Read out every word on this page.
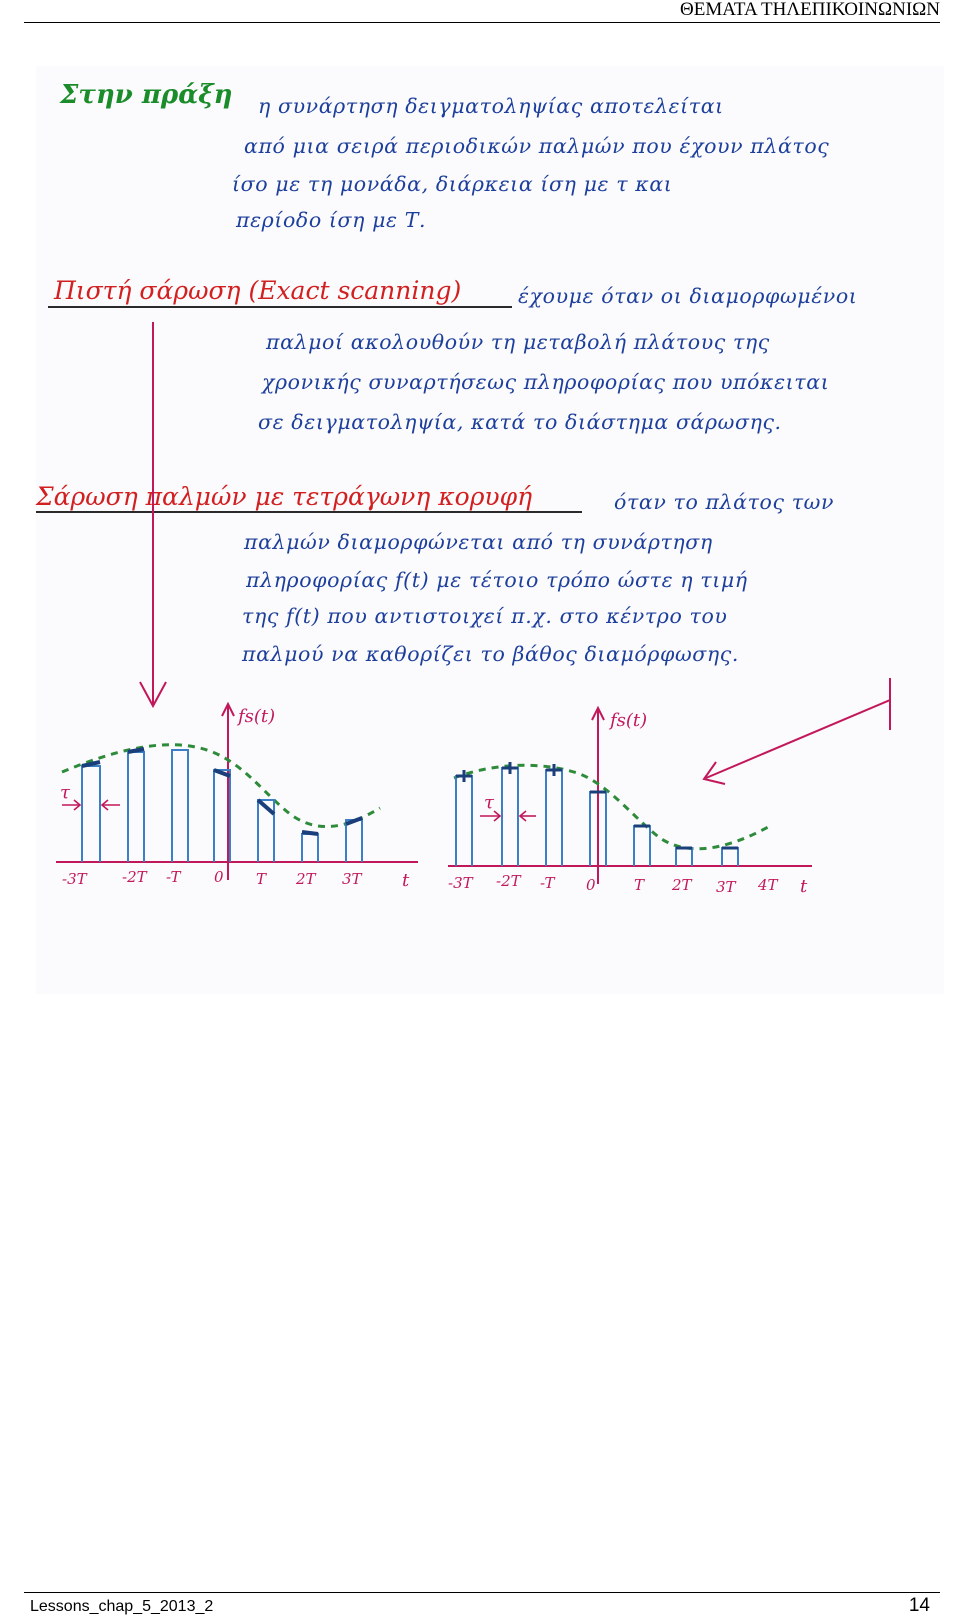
ΘΕΜΑΤΑ ΤΗΛΕΠΙΚΟΙΝΩΝΙΩΝ
Στην πράξη η συνάρτηση δειγματοληψίας αποτελείται
από μια σειρά περιοδικών παλμών που έχουν πλάτος
ίσο με τη μονάδα, διάρκεια ίση με τ και
περίοδο ίση με Τ.
Πιστή σάρωση (Exact scanning)	έχουμε όταν οι διαμορφωμένοι
παλμοί ακολουθούν τη μεταβολή πλάτους της
χρονικής συναρτήσεως πληροφορίας που υπόκειται
σε δειγματοληψία, κατά το διάστημα σάρωσης.
Σάρωση παλμών με τετράγωνη κορυφή	όταν το πλάτος των
παλμών διαμορφώνεται από τη συνάρτηση
πληροφορίας f(t) με τέτοιο τρόπο ώστε η τιμή
της f(t) που αντιστοιχεί π.χ. στο κέντρο του
παλμού να καθορίζει το βάθος διαμόρφωσης.
fs(t)
τ
-3T -2T -T 0 T 2T 3T t
fs(t)
τ
-3T -2T -T 0	T 2T 3T 4T t
Lessons_chap_5_2013_2	14
